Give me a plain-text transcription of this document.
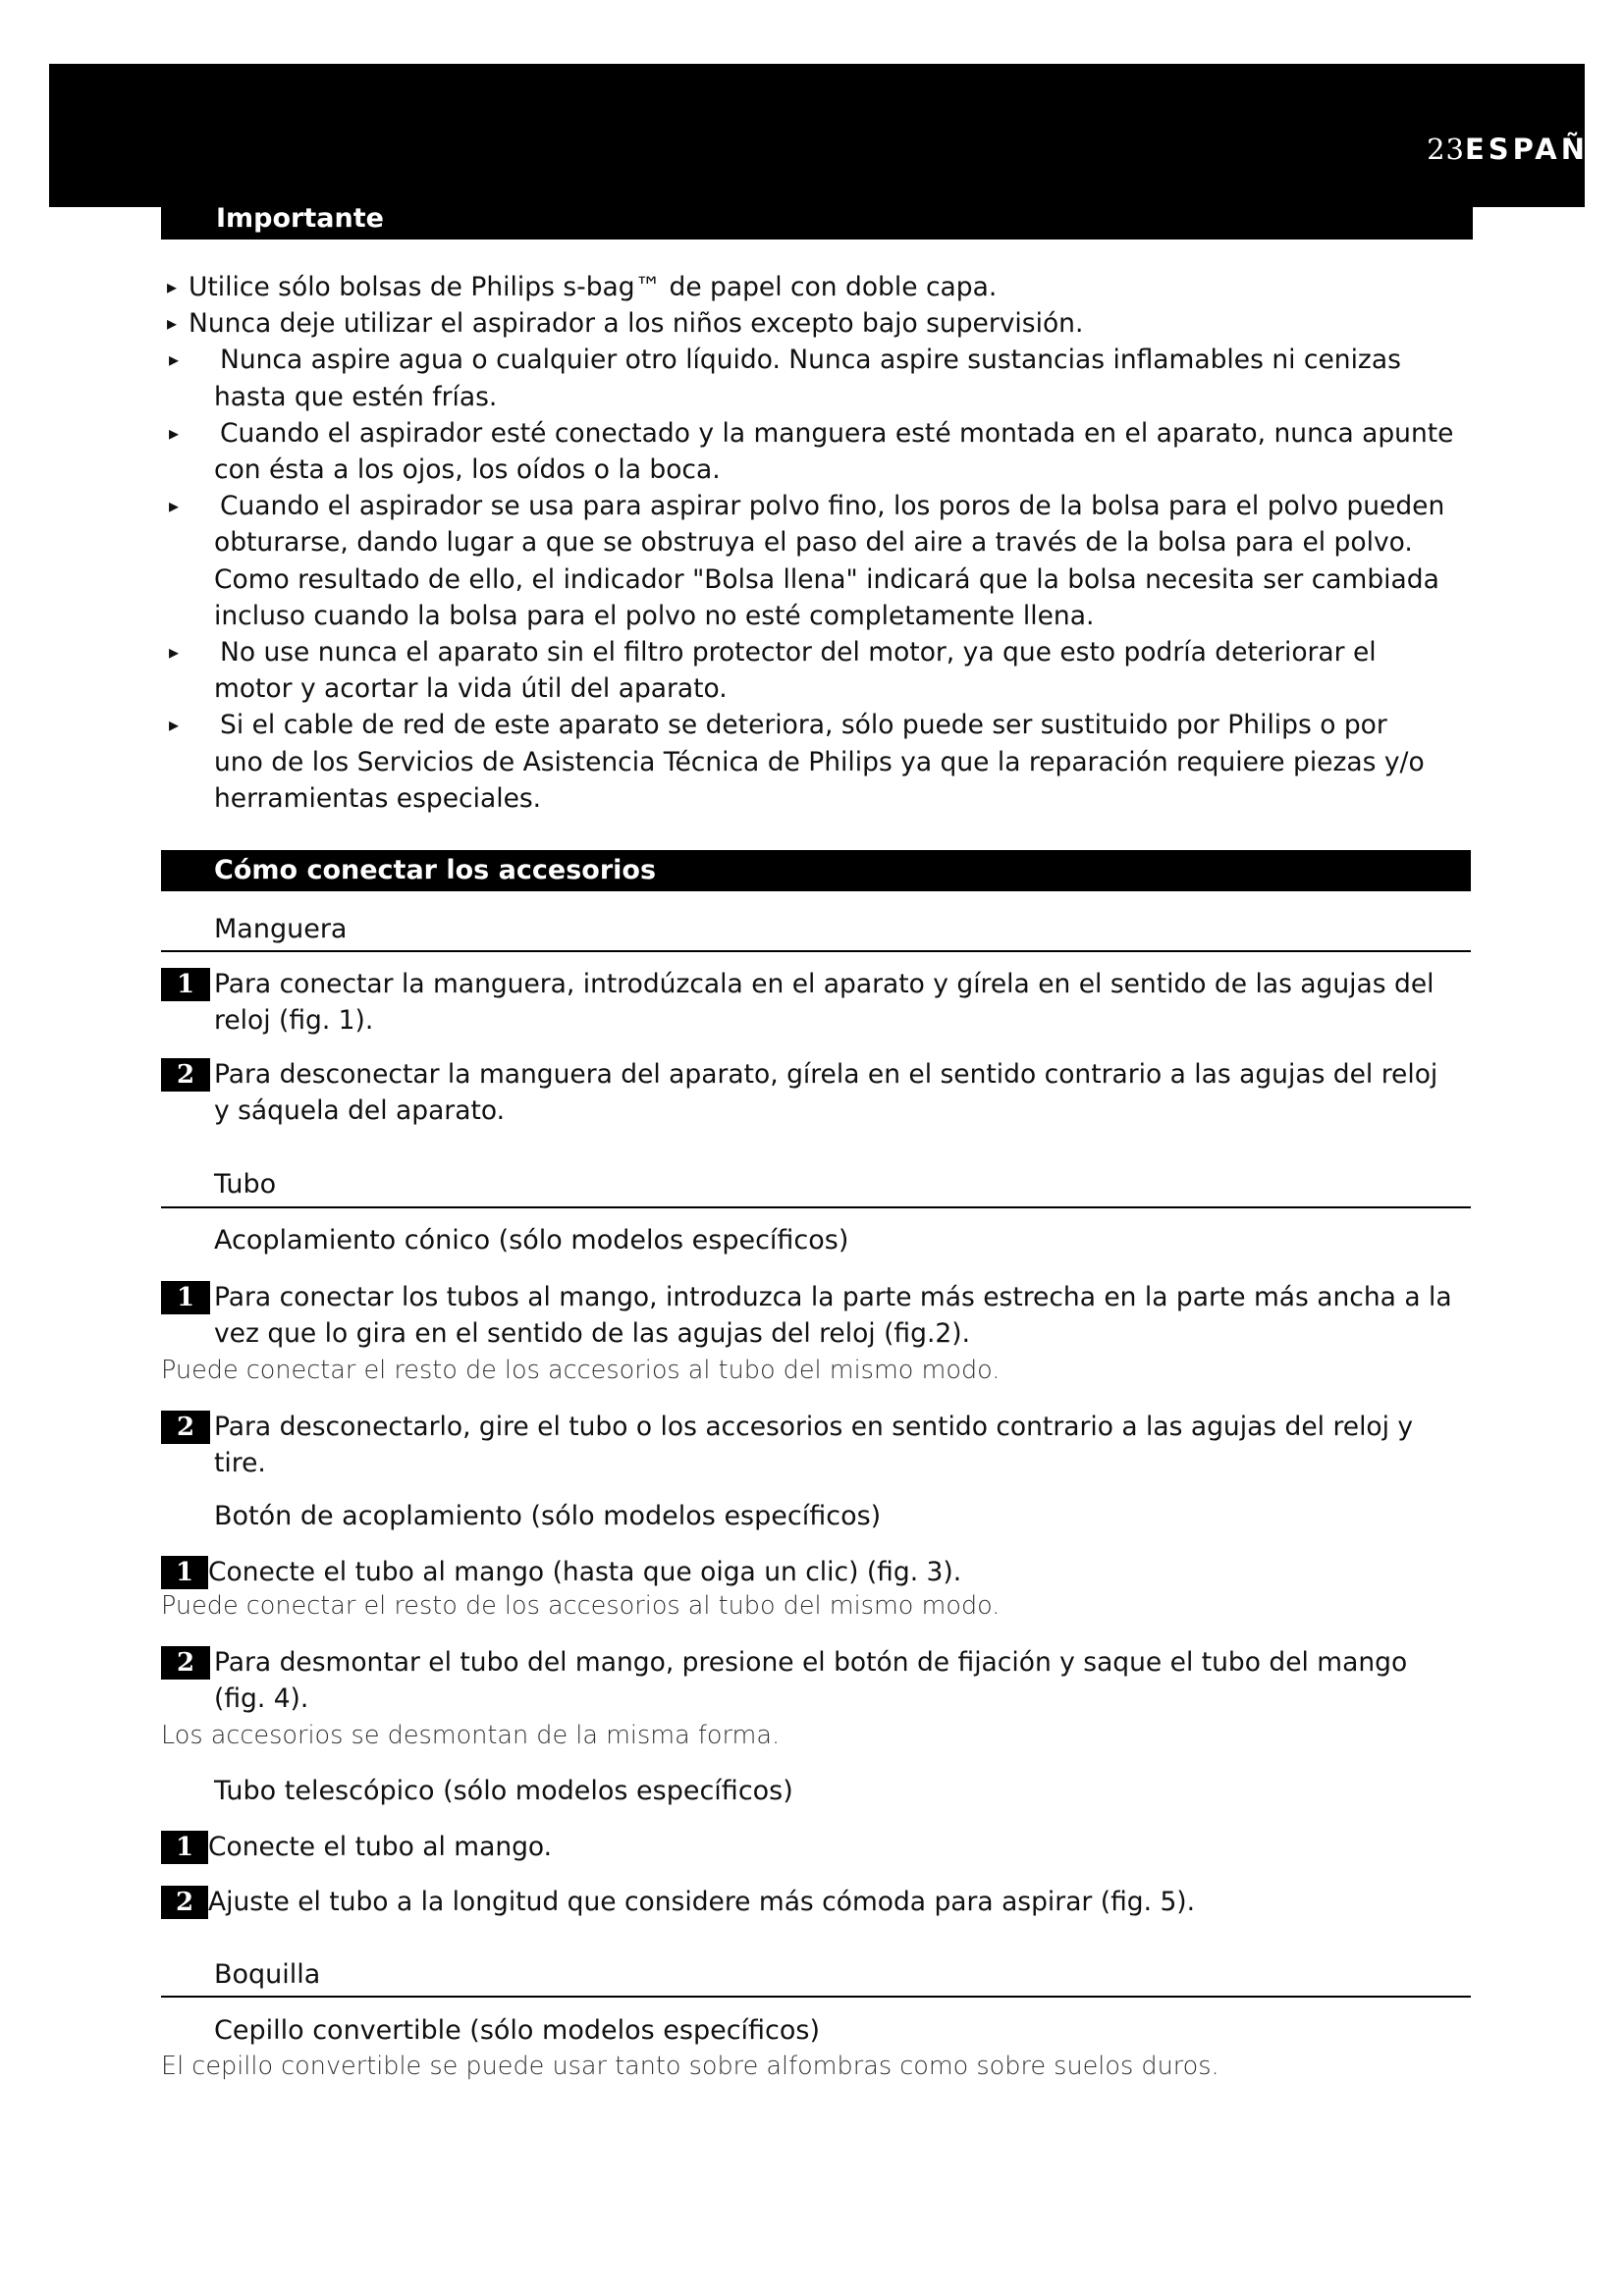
23ESPAÑ
Importante
▸ Utilice sólo bolsas de Philips s-bag™ de papel con doble capa.
▸ Nunca deje utilizar el aspirador a los niños excepto bajo supervisión.
▸ Nunca aspire agua o cualquier otro líquido. Nunca aspire sustancias inflamables ni cenizas
hasta que estén frías.
▸ Cuando el aspirador esté conectado y la manguera esté montada en el aparato, nunca apunte
con ésta a los ojos, los oídos o la boca.
▸ Cuando el aspirador se usa para aspirar polvo fino, los poros de la bolsa para el polvo pueden
obturarse, dando lugar a que se obstruya el paso del aire a través de la bolsa para el polvo.
Como resultado de ello, el indicador "Bolsa llena" indicará que la bolsa necesita ser cambiada
incluso cuando la bolsa para el polvo no esté completamente llena.
▸ No use nunca el aparato sin el filtro protector del motor, ya que esto podría deteriorar el
motor y acortar la vida útil del aparato.
▸ Si el cable de red de este aparato se deteriora, sólo puede ser sustituido por Philips o por
uno de los Servicios de Asistencia Técnica de Philips ya que la reparación requiere piezas y/o
herramientas especiales.
Cómo conectar los accesorios
Manguera
1 Para conectar la manguera, introdúzcala en el aparato y gírela en el sentido de las agujas del
reloj (fig. 1).
2 Para desconectar la manguera del aparato, gírela en el sentido contrario a las agujas del reloj
y sáquela del aparato.
Tubo
Acoplamiento cónico (sólo modelos específicos)
1 Para conectar los tubos al mango, introduzca la parte más estrecha en la parte más ancha a la
vez que lo gira en el sentido de las agujas del reloj (fig.2).
Puede conectar el resto de los accesorios al tubo del mismo modo.
2 Para desconectarlo, gire el tubo o los accesorios en sentido contrario a las agujas del reloj y
tire.
Botón de acoplamiento (sólo modelos específicos)
1 Conecte el tubo al mango (hasta que oiga un clic) (fig. 3).
Puede conectar el resto de los accesorios al tubo del mismo modo.
2 Para desmontar el tubo del mango, presione el botón de fijación y saque el tubo del mango
(fig. 4).
Los accesorios se desmontan de la misma forma.
Tubo telescópico (sólo modelos específicos)
1 Conecte el tubo al mango.
2 Ajuste el tubo a la longitud que considere más cómoda para aspirar (fig. 5).
Boquilla
Cepillo convertible (sólo modelos específicos)
El cepillo convertible se puede usar tanto sobre alfombras como sobre suelos duros.
